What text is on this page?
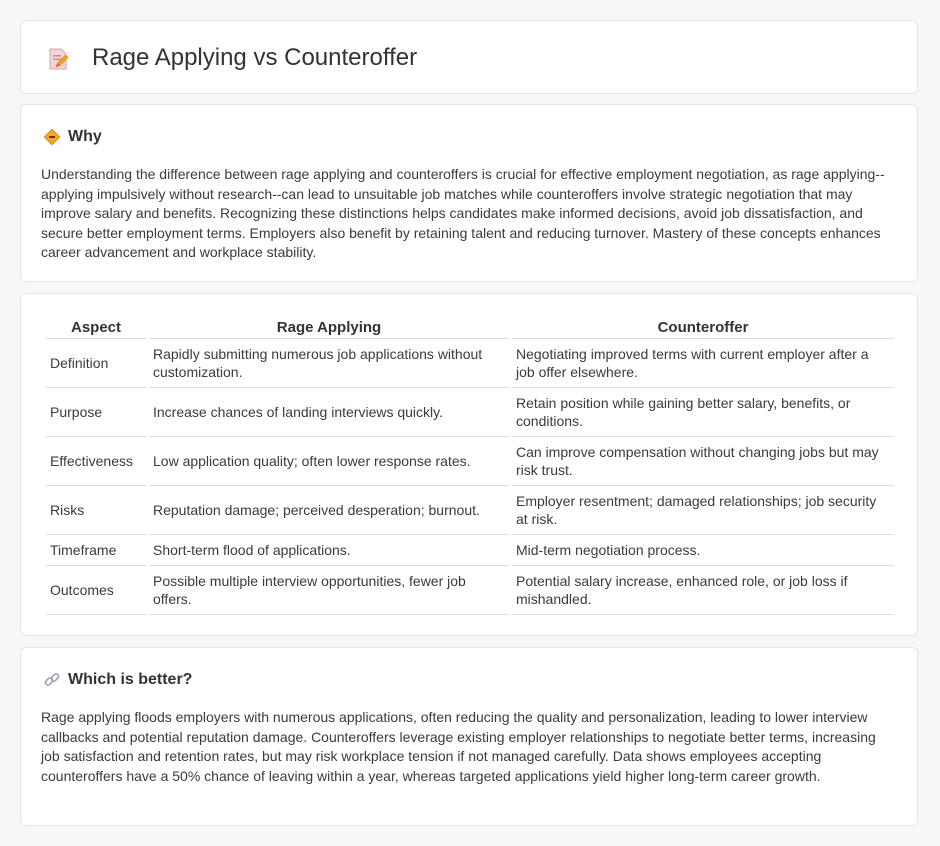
Rage Applying vs Counteroffer
Why

Understanding the difference between rage applying and counteroffers is crucial for effective employment negotiation, as rage applying--applying impulsively without research--can lead to unsuitable job matches while counteroffers involve strategic negotiation that may improve salary and benefits. Recognizing these distinctions helps candidates make informed decisions, avoid job dissatisfaction, and secure better employment terms. Employers also benefit by retaining talent and reducing turnover. Mastery of these concepts enhances career advancement and workplace stability.

Aspect	Rage Applying	Counteroffer
Definition	Rapidly submitting numerous job applications without customization.	Negotiating improved terms with current employer after a job offer elsewhere.
Purpose	Increase chances of landing interviews quickly.	Retain position while gaining better salary, benefits, or conditions.
Effectiveness	Low application quality; often lower response rates.	Can improve compensation without changing jobs but may risk trust.
Risks	Reputation damage; perceived desperation; burnout.	Employer resentment; damaged relationships; job security at risk.
Timeframe	Short-term flood of applications.	Mid-term negotiation process.
Outcomes	Possible multiple interview opportunities, fewer job offers.	Potential salary increase, enhanced role, or job loss if mishandled.
Which is better?

Rage applying floods employers with numerous applications, often reducing the quality and personalization, leading to lower interview callbacks and potential reputation damage. Counteroffers leverage existing employer relationships to negotiate better terms, increasing job satisfaction and retention rates, but may risk workplace tension if not managed carefully. Data shows employees accepting counteroffers have a 50% chance of leaving within a year, whereas targeted applications yield higher long-term career growth.
